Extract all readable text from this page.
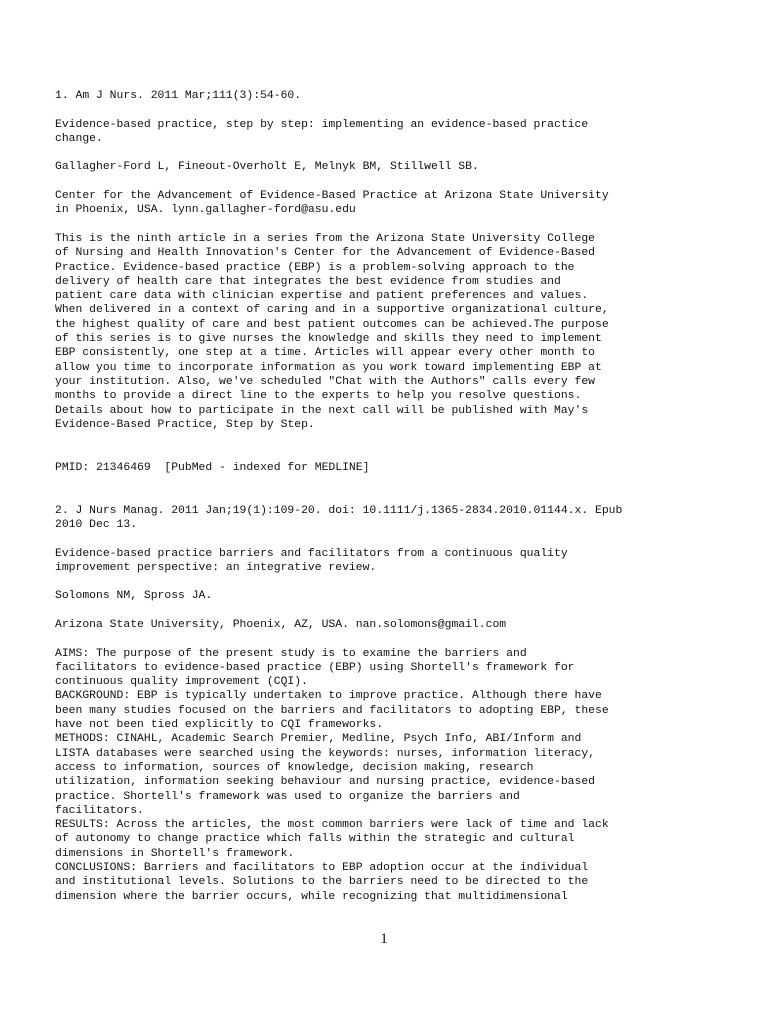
1. Am J Nurs. 2011 Mar;111(3):54-60.

Evidence-based practice, step by step: implementing an evidence-based practice
change.

Gallagher-Ford L, Fineout-Overholt E, Melnyk BM, Stillwell SB.

Center for the Advancement of Evidence-Based Practice at Arizona State University
in Phoenix, USA. lynn.gallagher-ford@asu.edu

This is the ninth article in a series from the Arizona State University College
of Nursing and Health Innovation's Center for the Advancement of Evidence-Based
Practice. Evidence-based practice (EBP) is a problem-solving approach to the
delivery of health care that integrates the best evidence from studies and
patient care data with clinician expertise and patient preferences and values.
When delivered in a context of caring and in a supportive organizational culture,
the highest quality of care and best patient outcomes can be achieved.The purpose
of this series is to give nurses the knowledge and skills they need to implement
EBP consistently, one step at a time. Articles will appear every other month to
allow you time to incorporate information as you work toward implementing EBP at
your institution. Also, we've scheduled "Chat with the Authors" calls every few
months to provide a direct line to the experts to help you resolve questions.
Details about how to participate in the next call will be published with May's
Evidence-Based Practice, Step by Step.

PMID: 21346469  [PubMed - indexed for MEDLINE]

2. J Nurs Manag. 2011 Jan;19(1):109-20. doi: 10.1111/j.1365-2834.2010.01144.x. Epub
2010 Dec 13.

Evidence-based practice barriers and facilitators from a continuous quality
improvement perspective: an integrative review.

Solomons NM, Spross JA.

Arizona State University, Phoenix, AZ, USA. nan.solomons@gmail.com

AIMS: The purpose of the present study is to examine the barriers and
facilitators to evidence-based practice (EBP) using Shortell's framework for
continuous quality improvement (CQI).
BACKGROUND: EBP is typically undertaken to improve practice. Although there have
been many studies focused on the barriers and facilitators to adopting EBP, these
have not been tied explicitly to CQI frameworks.
METHODS: CINAHL, Academic Search Premier, Medline, Psych Info, ABI/Inform and
LISTA databases were searched using the keywords: nurses, information literacy,
access to information, sources of knowledge, decision making, research
utilization, information seeking behaviour and nursing practice, evidence-based
practice. Shortell's framework was used to organize the barriers and
facilitators.
RESULTS: Across the articles, the most common barriers were lack of time and lack
of autonomy to change practice which falls within the strategic and cultural
dimensions in Shortell's framework.
CONCLUSIONS: Barriers and facilitators to EBP adoption occur at the individual
and institutional levels. Solutions to the barriers need to be directed to the
dimension where the barrier occurs, while recognizing that multidimensional

1
